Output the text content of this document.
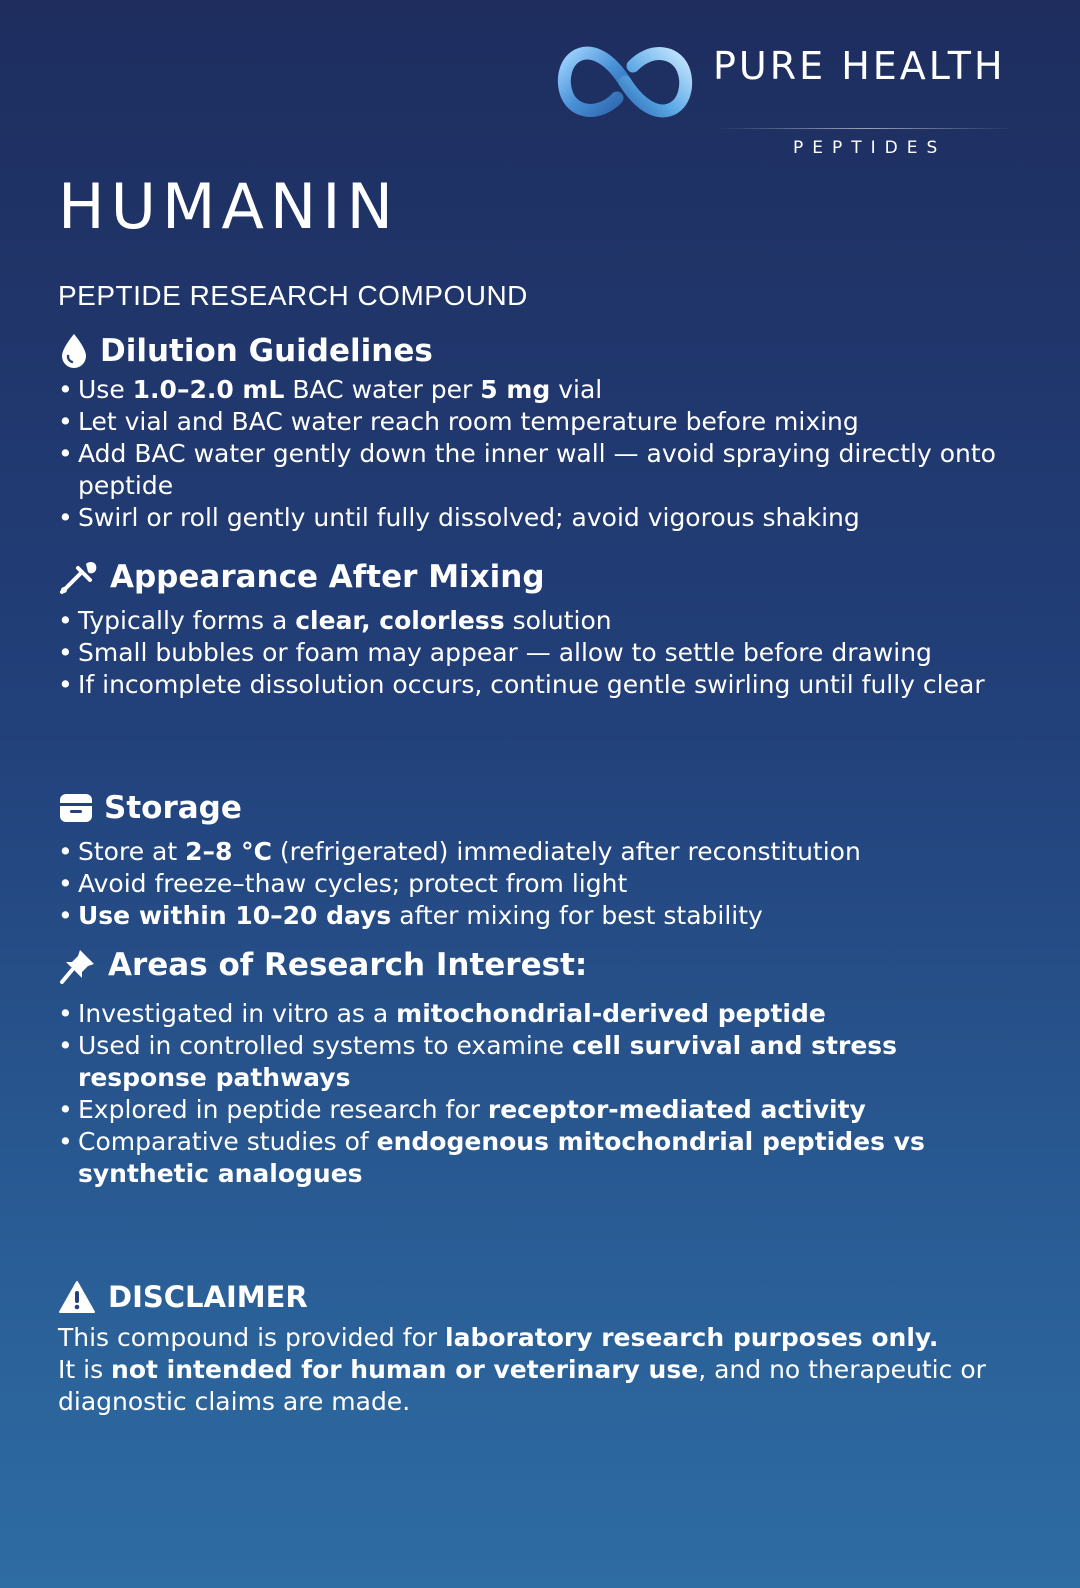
PURE HEALTH
PEPTIDES
HUMANIN
PEPTIDE RESEARCH COMPOUND
Dilution Guidelines
• Use 1.0–2.0 mL BAC water per 5 mg vial
• Let vial and BAC water reach room temperature before mixing
• Add BAC water gently down the inner wall — avoid spraying directly onto peptide
• Swirl or roll gently until fully dissolved; avoid vigorous shaking
Appearance After Mixing
• Typically forms a clear, colorless solution
• Small bubbles or foam may appear — allow to settle before drawing
• If incomplete dissolution occurs, continue gentle swirling until fully clear
Storage
• Store at 2–8 °C (refrigerated) immediately after reconstitution
• Avoid freeze–thaw cycles; protect from light
• Use within 10–20 days after mixing for best stability
Areas of Research Interest:
• Investigated in vitro as a mitochondrial-derived peptide
• Used in controlled systems to examine cell survival and stress response pathways
• Explored in peptide research for receptor-mediated activity
• Comparative studies of endogenous mitochondrial peptides vs synthetic analogues
DISCLAIMER
This compound is provided for laboratory research purposes only.
It is not intended for human or veterinary use, and no therapeutic or diagnostic claims are made.
